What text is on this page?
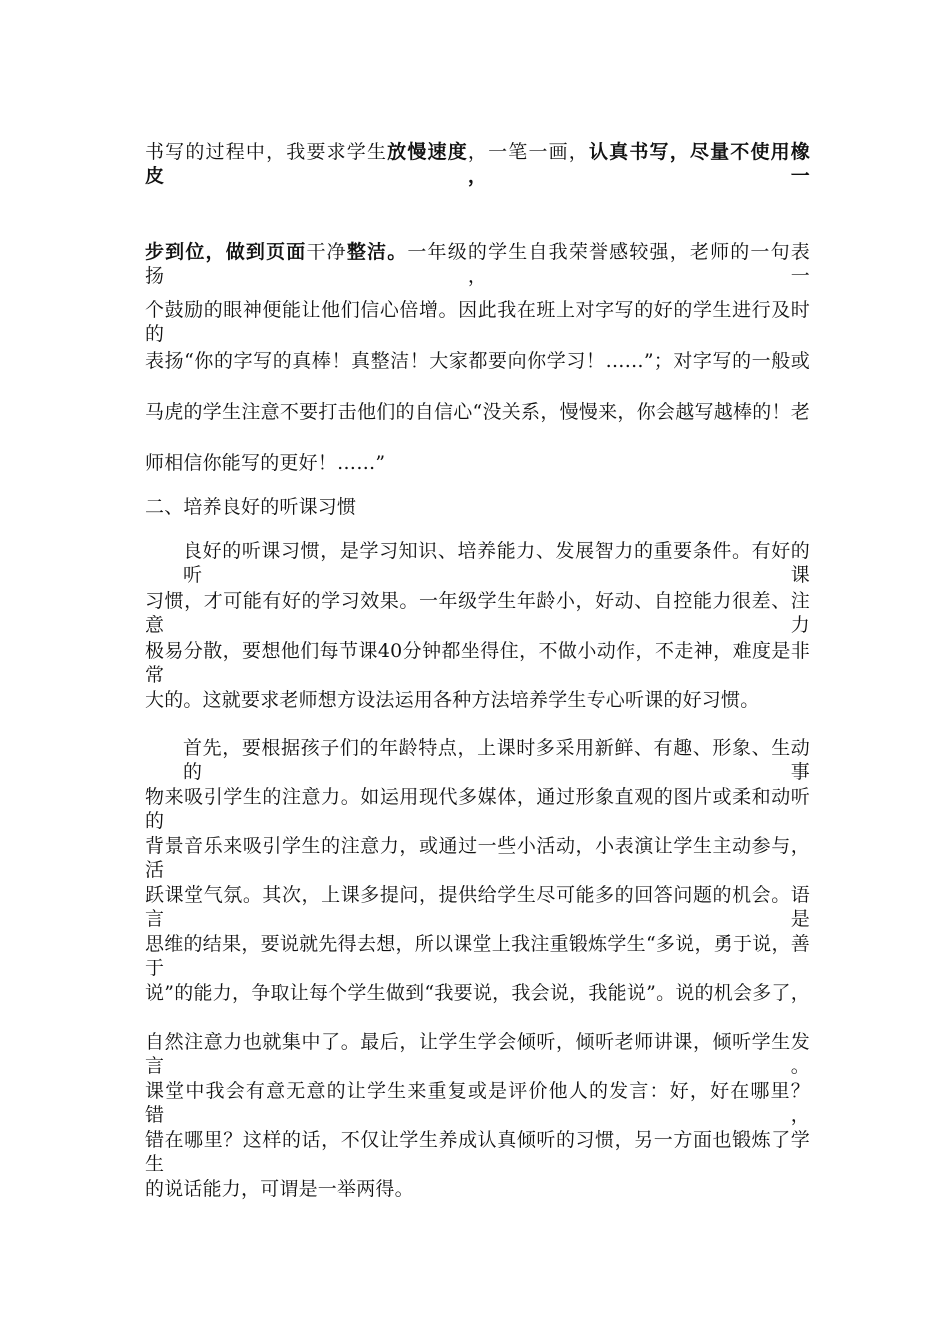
书写的过程中，我要求学生放慢速度，一笔一画，认真书写，尽量不使用橡皮，一
步到位，做到页面干净整洁。一年级的学生自我荣誉感较强，老师的一句表扬，一
个鼓励的眼神便能让他们信心倍增。因此我在班上对字写的好的学生进行及时的
表扬“你的字写的真棒！真整洁！大家都要向你学习！……”；对字写的一般或
马虎的学生注意不要打击他们的自信心“没关系，慢慢来，你会越写越棒的！老
师相信你能写的更好！……”
二、培养良好的听课习惯
良好的听课习惯，是学习知识、培养能力、发展智力的重要条件。有好的听课
习惯，才可能有好的学习效果。一年级学生年龄小，好动、自控能力很差、注意力
极易分散，要想他们每节课40分钟都坐得住，不做小动作，不走神，难度是非常
大的。这就要求老师想方设法运用各种方法培养学生专心听课的好习惯。
首先，要根据孩子们的年龄特点，上课时多采用新鲜、有趣、形象、生动的事
物来吸引学生的注意力。如运用现代多媒体，通过形象直观的图片或柔和动听的
背景音乐来吸引学生的注意力，或通过一些小活动，小表演让学生主动参与，活
跃课堂气氛。其次，上课多提问，提供给学生尽可能多的回答问题的机会。语言是
思维的结果，要说就先得去想，所以课堂上我注重锻炼学生“多说，勇于说，善于
说”的能力，争取让每个学生做到“我要说，我会说，我能说”。说的机会多了，
自然注意力也就集中了。最后，让学生学会倾听，倾听老师讲课，倾听学生发言。
课堂中我会有意无意的让学生来重复或是评价他人的发言：好，好在哪里？错，
错在哪里？这样的话，不仅让学生养成认真倾听的习惯，另一方面也锻炼了学生
的说话能力，可谓是一举两得。
